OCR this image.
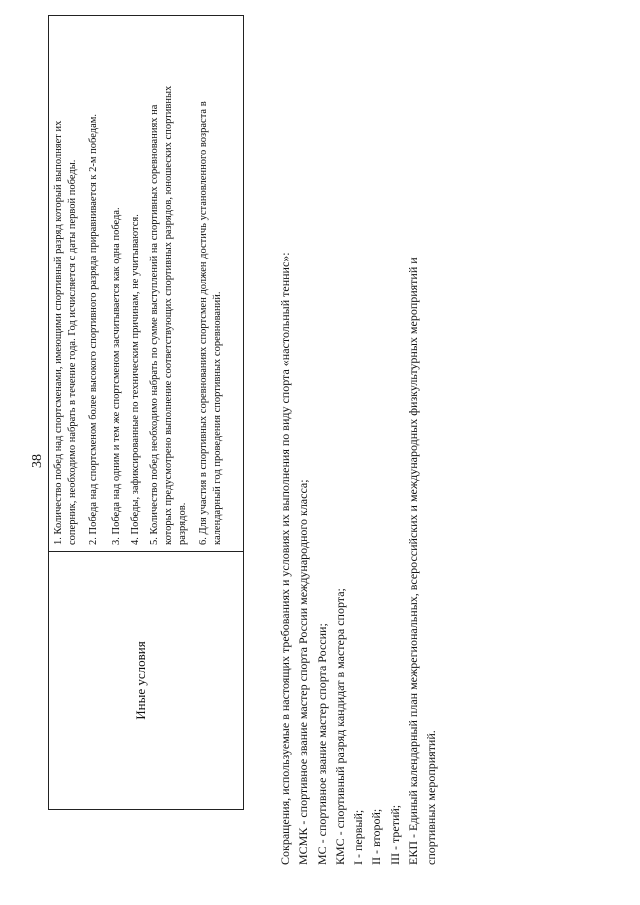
38
Иные условия
1. Количество побед над спортсменами, имеющими спортивный разряд который выполняет их соперник, необходимо набрать в течение года. Год исчисляется с даты первой победы. 2. Победа над спортсменом более высокого спортивного разряда приравнивается к 2-м победам. 3. Победа над одним и тем же спортсменом засчитывается как одна победа. 4. Победы, зафиксированные по техническим причинам, не учитываются. 5. Количество побед необходимо набрать по сумме выступлений на спортивных соревнованиях на которых предусмотрено выполнение соответствующих спортивных разрядов, юношеских спортивных разрядов. 6. Для участия в спортивных соревнованиях спортсмен должен достичь установленного возраста в календарный год проведения спортивных соревнований.	Сокращения, используемые в настоящих требованиях и условиях их выполнения по виду спорта «настольный теннис»: МСМК - спортивное звание мастер спорта России международного класса; МС - спортивное звание мастер спорта России; КМС - спортивный разряд кандидат в мастера спорта; I - первый; II - второй; III - третий; ЕКП - Единый календарный план межрегиональных, всероссийских и международных физкультурных мероприятий и спортивных мероприятий.
